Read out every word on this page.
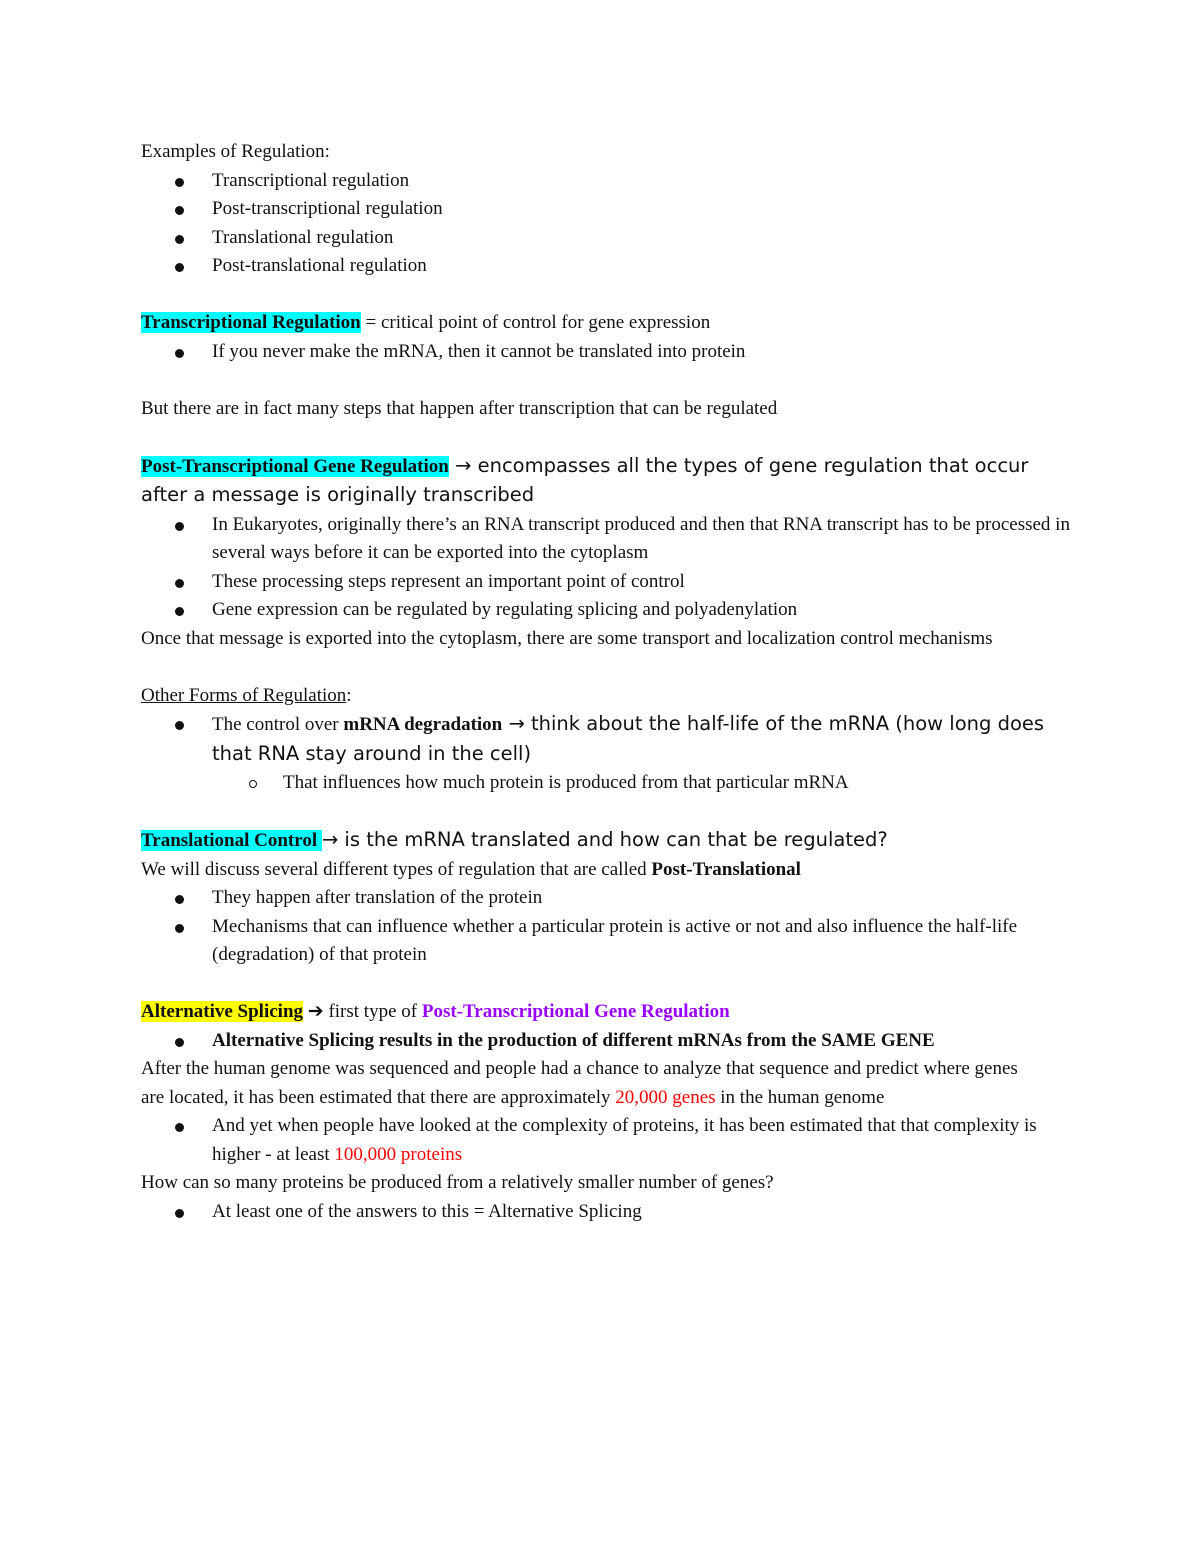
Examples of Regulation:

Transcriptional regulation
Post-transcriptional regulation
Translational regulation
Post-translational regulation

Transcriptional Regulation = critical point of control for gene expression

If you never make the mRNA, then it cannot be translated into protein

But there are in fact many steps that happen after transcription that can be regulated

Post-Transcriptional Gene Regulation → encompasses all the types of gene regulation that occur after a message is originally transcribed

In Eukaryotes, originally there’s an RNA transcript produced and then that RNA transcript has to be processed in several ways before it can be exported into the cytoplasm
These processing steps represent an important point of control
Gene expression can be regulated by regulating splicing and polyadenylation

Once that message is exported into the cytoplasm, there are some transport and localization control mechanisms

Other Forms of Regulation:

The control over mRNA degradation → think about the half-life of the mRNA (how long does that RNA stay around in the cell)
That influences how much protein is produced from that particular mRNA

Translational Control → is the mRNA translated and how can that be regulated?

We will discuss several different types of regulation that are called Post-Translational

They happen after translation of the protein
Mechanisms that can influence whether a particular protein is active or not and also influence the half-life (degradation) of that protein

Alternative Splicing ➔ first type of Post-Transcriptional Gene Regulation

Alternative Splicing results in the production of different mRNAs from the SAME GENE

After the human genome was sequenced and people had a chance to analyze that sequence and predict where genes are located, it has been estimated that there are approximately 20,000 genes in the human genome

And yet when people have looked at the complexity of proteins, it has been estimated that that complexity is higher - at least 100,000 proteins

How can so many proteins be produced from a relatively smaller number of genes?

At least one of the answers to this = Alternative Splicing
